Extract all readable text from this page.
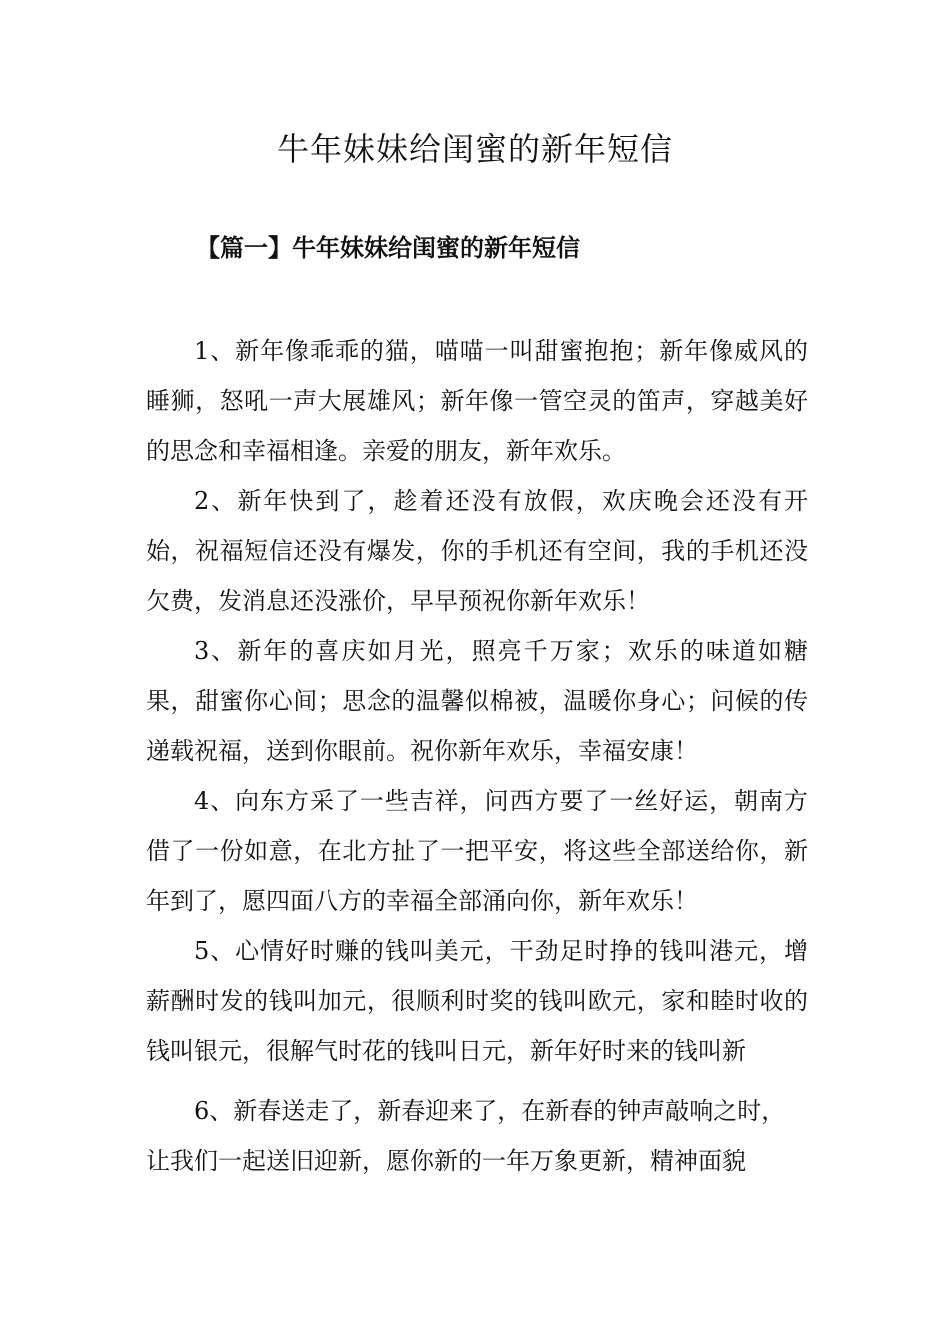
牛年妹妹给闺蜜的新年短信
【篇一】牛年妹妹给闺蜜的新年短信

1、新年像乖乖的猫，喵喵一叫甜蜜抱抱；新年像威风的睡狮，怒吼一声大展雄风；新年像一管空灵的笛声，穿越美好的思念和幸福相逢。亲爱的朋友，新年欢乐。

2、新年快到了，趁着还没有放假，欢庆晚会还没有开始，祝福短信还没有爆发，你的手机还有空间，我的手机还没欠费，发消息还没涨价，早早预祝你新年欢乐！

3、新年的喜庆如月光，照亮千万家；欢乐的味道如糖果，甜蜜你心间；思念的温馨似棉被，温暖你身心；问候的传递载祝福，送到你眼前。祝你新年欢乐，幸福安康！

4、向东方采了一些吉祥，问西方要了一丝好运，朝南方借了一份如意，在北方扯了一把平安，将这些全部送给你，新年到了，愿四面八方的幸福全部涌向你，新年欢乐！

5、心情好时赚的钱叫美元，干劲足时挣的钱叫港元，增薪酬时发的钱叫加元，很顺利时奖的钱叫欧元，家和睦时收的钱叫银元，很解气时花的钱叫日元，新年好时来的钱叫新

6、新春送走了，新春迎来了，在新春的钟声敲响之时，让我们一起送旧迎新，愿你新的一年万象更新，精神面貌
